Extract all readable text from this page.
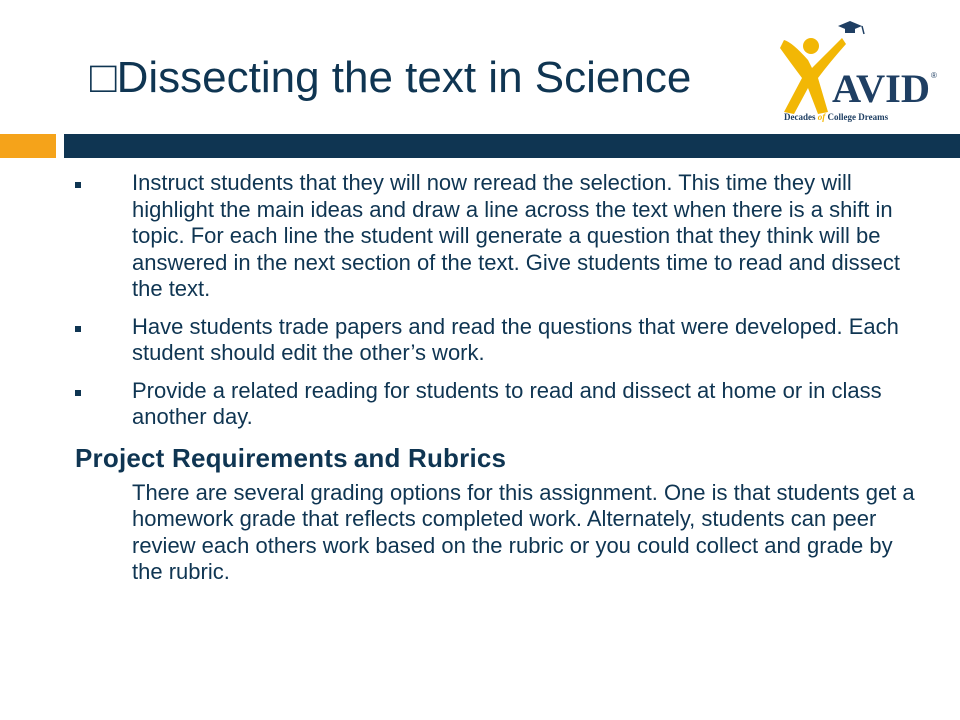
□Dissecting the text in Science	AVID ®
Decades of College Dreams
Instruct students that they will now reread the selection. This time they will highlight the main ideas and draw a line across the text when there is a shift in topic. For each line the student will generate a question that they think will be answered in the next section of the text. Give students time to read and dissect the text.
Have students trade papers and read the questions that were developed. Each student should edit the other’s work.
Provide a related reading for students to read and dissect at home or in class another day.
Project Requirements and Rubrics
There are several grading options for this assignment. One is that students get a homework grade that reflects completed work. Alternately, students can peer review each others work based on the rubric or you could collect and grade by the rubric.
